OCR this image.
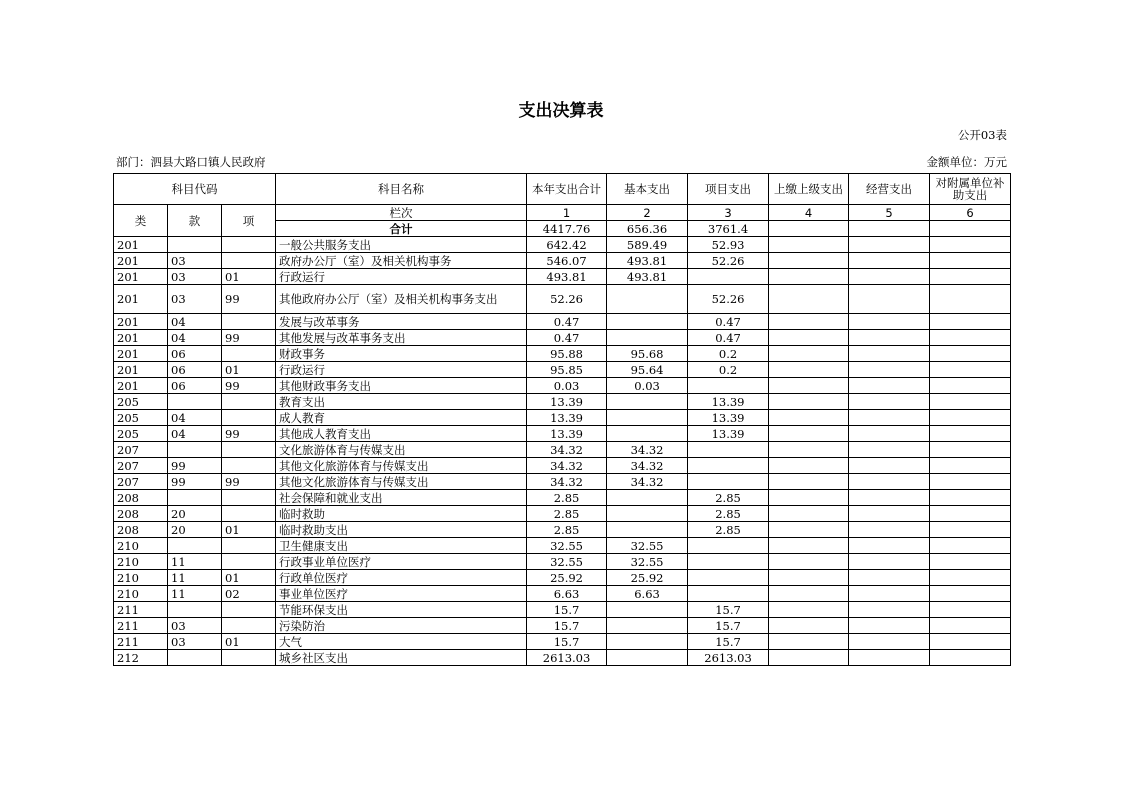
支出决算表
公开03表
部门：泗县大路口镇人民政府	金额单位：万元
科目代码			科目名称	本年支出合计	基本支出	项目支出	上缴上级支出	经营支出	对附属单位补助支出
类	款	项	栏次	1	2	3	4	5	6
			合计	4417.76	656.36	3761.4			
201			一般公共服务支出	642.42	589.49	52.93			
201	03		政府办公厅（室）及相关机构事务	546.07	493.81	52.26			
201	03	01	行政运行	493.81	493.81				
201	03	99	其他政府办公厅（室）及相关机构事务支出	52.26		52.26			
201	04		发展与改革事务	0.47		0.47			
201	04	99	其他发展与改革事务支出	0.47		0.47			
201	06		财政事务	95.88	95.68	0.2			
201	06	01	行政运行	95.85	95.64	0.2			
201	06	99	其他财政事务支出	0.03	0.03				
205			教育支出	13.39		13.39			
205	04		成人教育	13.39		13.39			
205	04	99	其他成人教育支出	13.39		13.39			
207			文化旅游体育与传媒支出	34.32	34.32				
207	99		其他文化旅游体育与传媒支出	34.32	34.32				
207	99	99	其他文化旅游体育与传媒支出	34.32	34.32				
208			社会保障和就业支出	2.85		2.85			
208	20		临时救助	2.85		2.85			
208	20	01	临时救助支出	2.85		2.85			
210			卫生健康支出	32.55	32.55				
210	11		行政事业单位医疗	32.55	32.55				
210	11	01	行政单位医疗	25.92	25.92				
210	11	02	事业单位医疗	6.63	6.63				
211			节能环保支出	15.7		15.7			
211	03		污染防治	15.7		15.7			
211	03	01	大气	15.7		15.7			
212			城乡社区支出	2613.03		2613.03			
